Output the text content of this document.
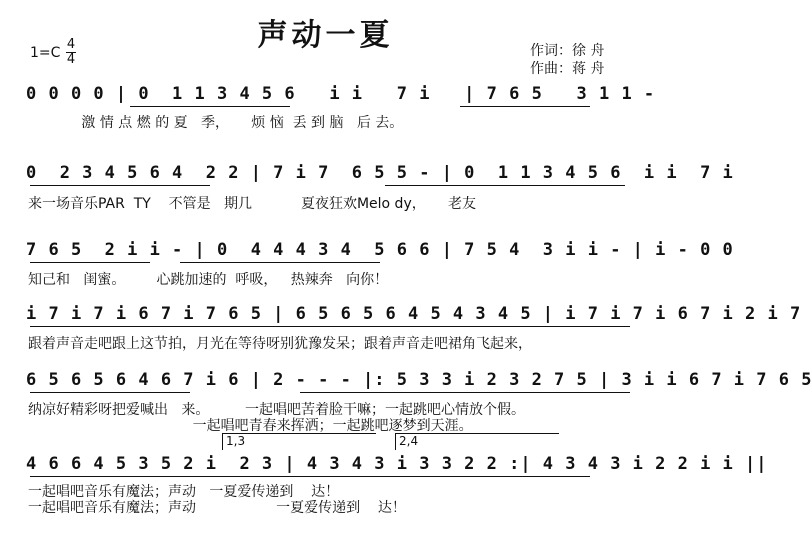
声动一夏
1=C
4
4
作词：徐 舟
作曲：蒋 舟
0 0 0 0 | 0  1 1 3 4 5 6   i i   7 i   | 7 6 5   3 1 1 -
激 情 点 燃 的 夏   季，     烦 恼  丢 到 脑   后 去。
0  2 3 4 5 6 4  2 2 | 7 i 7  6 5 5 - | 0  1 1 3 4 5 6  i i  7 i
来一场音乐PAR  TY    不管是   期几           夏夜狂欢Melo dy，     老友
7 6 5  2 i i - | 0  4 4 4 3 4  5 6 6 | 7 5 4  3 i i - | i - 0 0
知己和   闺蜜。       心跳加速的  呼吸，   热辣奔   向你！
i 7 i 7 i 6 7 i 7 6 5 | 6 5 6 5 6 4 5 4 3 4 5 | i 7 i 7 i 6 7 i 2 i 7
跟着声音走吧跟上这节拍，月光在等待呀别犹豫发呆；跟着声音走吧裙角飞起来，
6 5 6 5 6 4 6 7 i 6 | 2 - - - |: 5 3 3 i 2 3 2 7 5 | 3 i i 6 7 i 7 6 5
纳凉好精彩呀把爱喊出   来。        一起唱吧苦着脸干嘛；一起跳吧心情放个假。
一起唱吧青春来挥洒；一起跳吧逐梦到天涯。
1,3	2,4
4 6 6 4 5 3 5 2 i  2 3 | 4 3 4 3 i 3 3 2 2 :| 4 3 4 3 i 2 2 i i ||
一起唱吧音乐有魔法；声动   一夏爱传递到    达！
一起唱吧音乐有魔法；声动                  一夏爱传递到    达！
